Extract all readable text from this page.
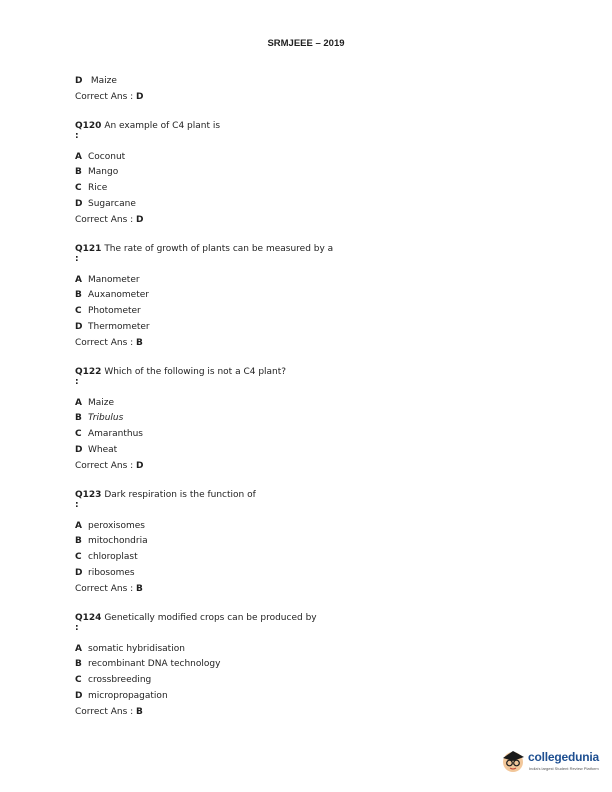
SRMJEEE – 2019
D Maize
Correct Ans : D
Q120 An example of C4 plant is
:
A Coconut
B Mango
C Rice
D Sugarcane
Correct Ans : D
Q121 The rate of growth of plants can be measured by a
:
A Manometer
B Auxanometer
C Photometer
D Thermometer
Correct Ans : B
Q122 Which of the following is not a C4 plant?
:
A Maize
B Tribulus
C Amaranthus
D Wheat
Correct Ans : D
Q123 Dark respiration is the function of
:
A peroxisomes
B mitochondria
C chloroplast
D ribosomes
Correct Ans : B
Q124 Genetically modified crops can be produced by
:
A somatic hybridisation
B recombinant DNA technology
C crossbreeding
D micropropagation
Correct Ans : B
collegedunia
India's largest Student Review Platform
